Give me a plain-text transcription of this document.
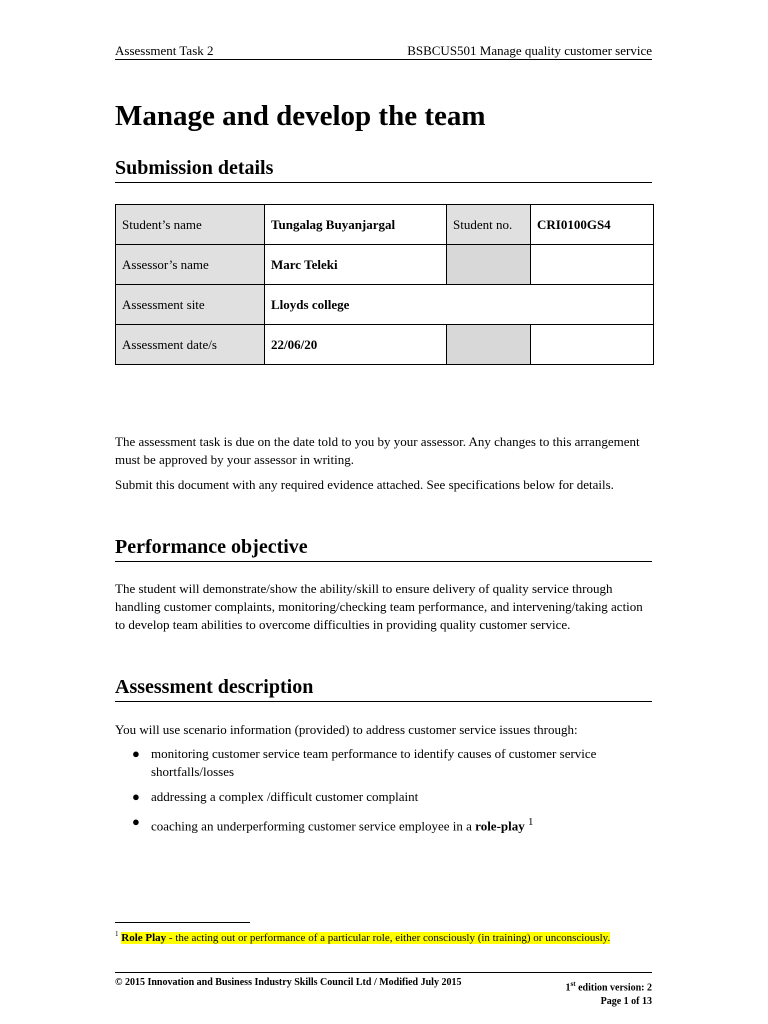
Assessment Task 2	BSBCUS501 Manage quality customer service
Manage and develop the team
Submission details
Student’s name	Tungalag Buyanjargal	Student no.	CRI0100GS4
Assessor’s name	Marc Teleki		
Assessment site	Lloyds college		
Assessment date/s	22/06/20		

The assessment task is due on the date told to you by your assessor. Any changes to this arrangement must be approved by your assessor in writing.

Submit this document with any required evidence attached. See specifications below for details.

Performance objective

The student will demonstrate/show the ability/skill to ensure delivery of quality service through handling customer complaints, monitoring/checking team performance, and intervening/taking action to develop team abilities to overcome difficulties in providing quality customer service.

Assessment description

You will use scenario information (provided) to address customer service issues through:

● monitoring customer service team performance to identify causes of customer service shortfalls/losses
● addressing a complex /difficult customer complaint
● coaching an underperforming customer service employee in a role-play $^1$
$^1$ Role Play - the acting out or performance of a particular role, either consciously (in training) or unconsciously.
© 2015 Innovation and Business Industry Skills Council Ltd / Modified July 2015	1st edition version: 2
Page 1 of 13
